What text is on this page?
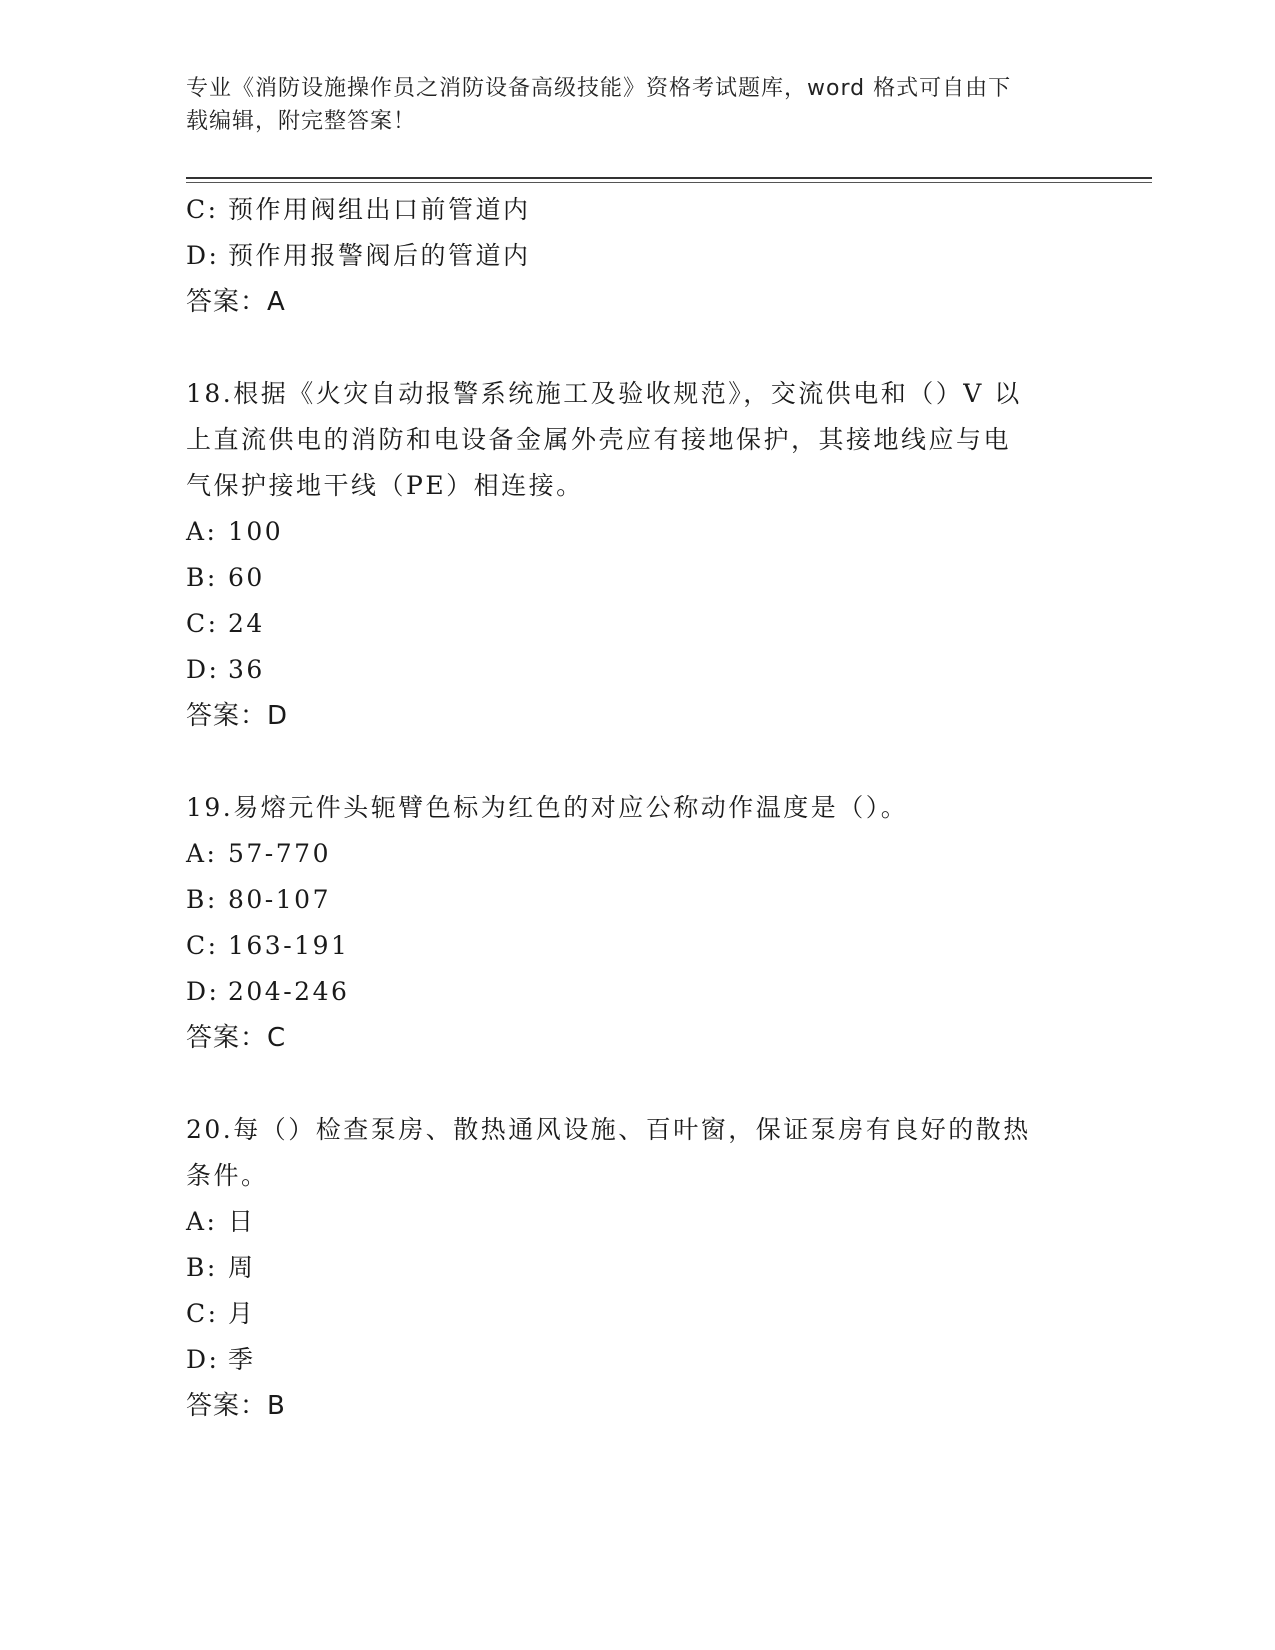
专业《消防设施操作员之消防设备高级技能》资格考试题库，word 格式可自由下
载编辑，附完整答案！
C: 预作用阀组出口前管道内
D: 预作用报警阀后的管道内
答案：A
18.根据《火灾自动报警系统施工及验收规范》，交流供电和（）V 以
上直流供电的消防和电设备金属外壳应有接地保护，其接地线应与电
气保护接地干线（PE）相连接。
A: 100
B: 60
C: 24
D: 36
答案：D
19.易熔元件头轭臂色标为红色的对应公称动作温度是（）。
A: 57-770
B: 80-107
C: 163-191
D: 204-246
答案：C
20.每（）检查泵房、散热通风设施、百叶窗，保证泵房有良好的散热
条件。
A: 日
B: 周
C: 月
D: 季
答案：B
